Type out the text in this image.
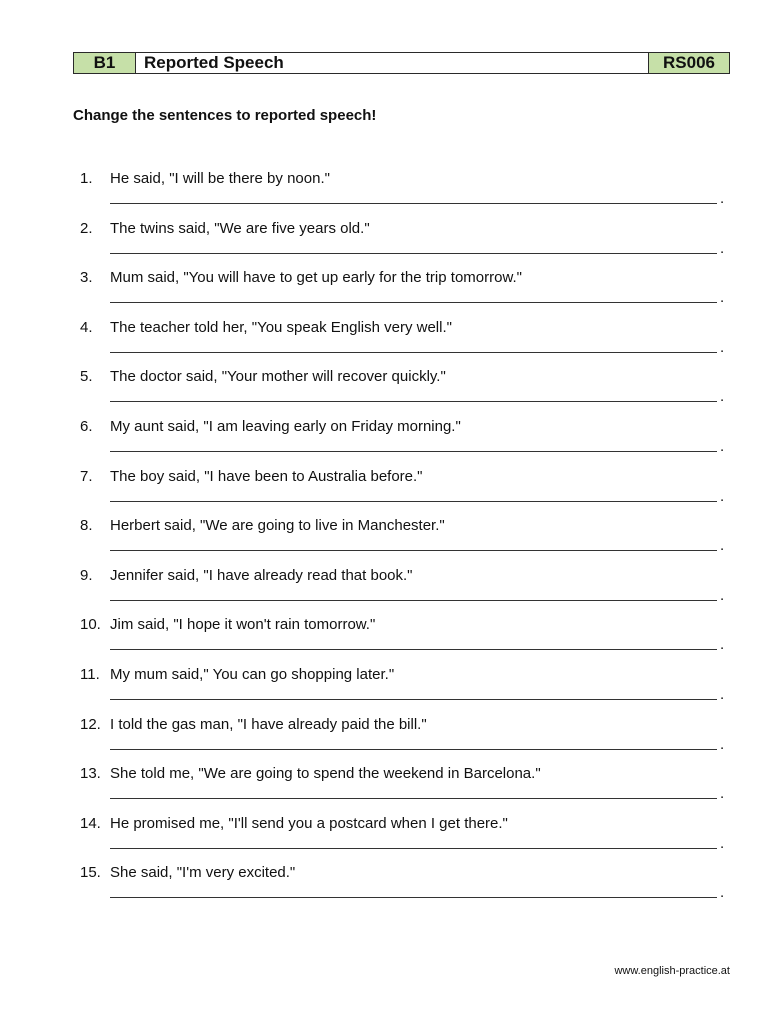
B1	Reported Speech	RS006
Change the sentences to reported speech!
1.	He said, "I will be there by noon."
.
2.	The twins said, "We are five years old."
.
3.	Mum said, "You will have to get up early for the trip tomorrow."
.
4.	The teacher told her, "You speak English very well."
.
5.	The doctor said, "Your mother will recover quickly."
.
6.	My aunt said, "I am leaving early on Friday morning."
.
7.	The boy said, "I have been to Australia before."
.
8.	Herbert said, "We are going to live in Manchester."
.
9.	Jennifer said, "I have already read that book."
.
10. Jim said, "I hope it won't rain tomorrow."
.
11. My mum said," You can go shopping later."
.
12. I told the gas man, "I have already paid the bill."
.
13. She told me, "We are going to spend the weekend in Barcelona."
.
14. He promised me, "I'll send you a postcard when I get there."
.
15. She said, "I'm very excited."
.
www.english-practice.at
